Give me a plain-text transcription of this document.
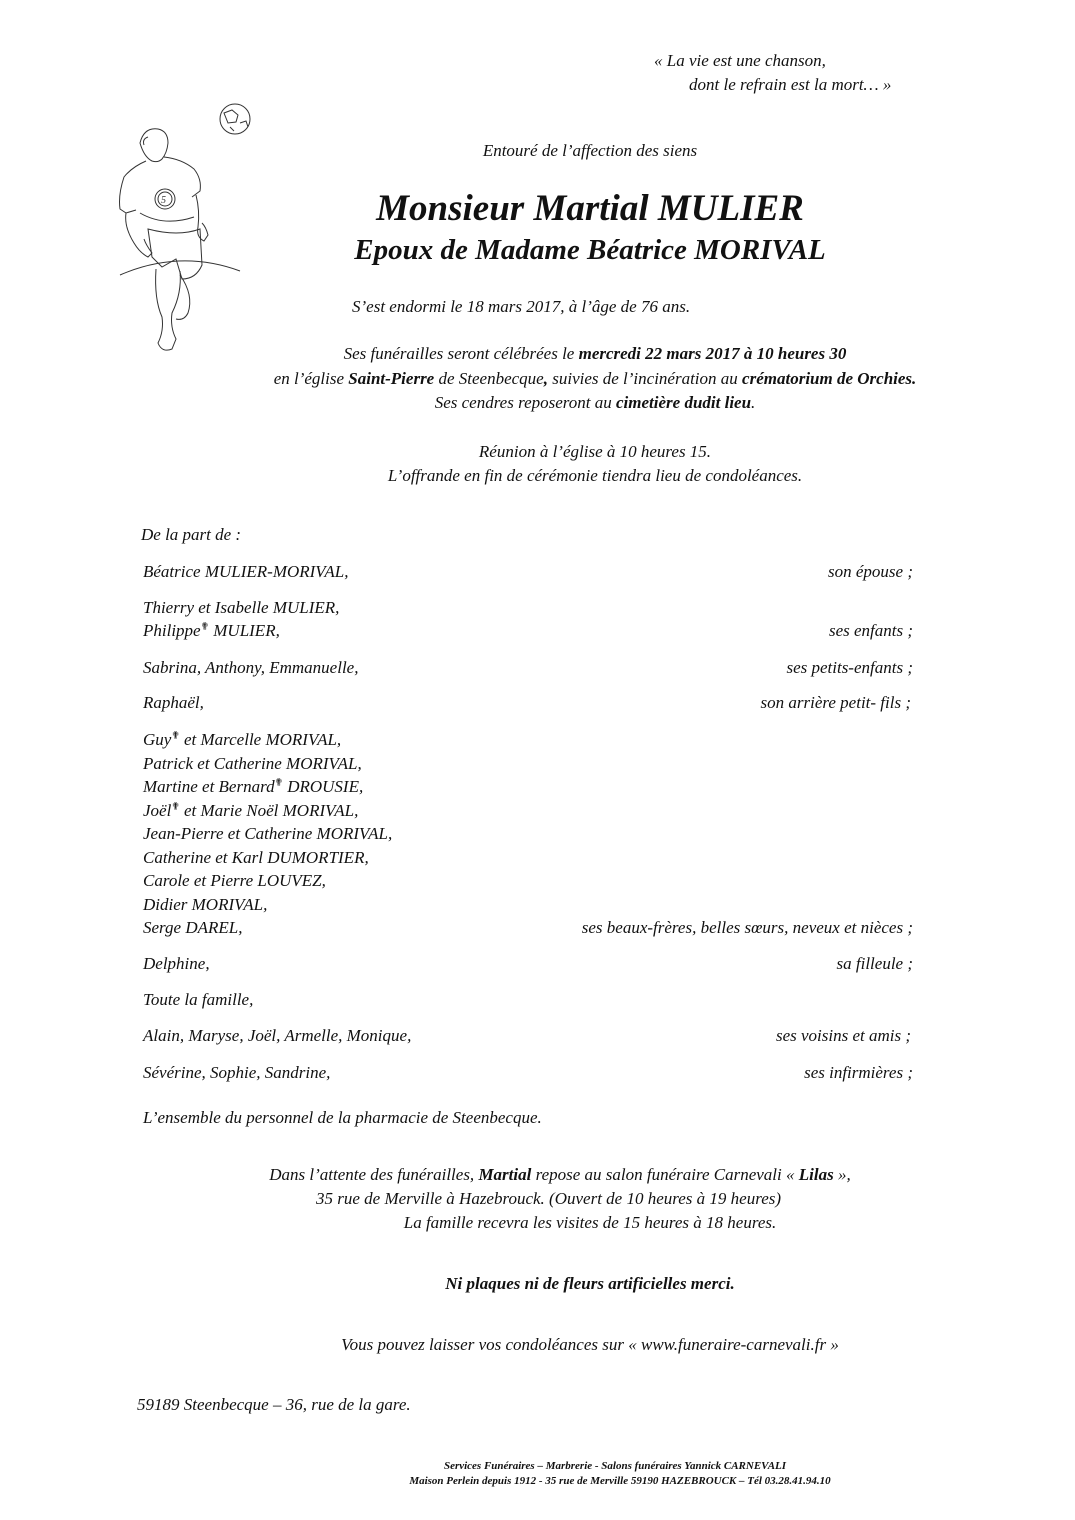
« La vie est une chanson,
dont le refrain est la mort… »
5
Entouré de l’affection des siens
Monsieur Martial MULIER
Epoux de Madame Béatrice MORIVAL
S’est endormi le 18 mars 2017, à l’âge de 76 ans.
Ses funérailles seront célébrées le mercredi 22 mars 2017 à 10 heures 30
en l’église Saint-Pierre de Steenbecque, suivies de l’incinération au crématorium de Orchies.
Ses cendres reposeront au cimetière dudit lieu.
Réunion à l’église à 10 heures 15.
L’offrande en fin de cérémonie tiendra lieu de condoléances.
De la part de :
Béatrice MULIER-MORIVAL,	son épouse ;
Thierry et Isabelle MULIER,
Philippe✟ MULIER,	ses enfants ;
Sabrina, Anthony, Emmanuelle,	ses petits-enfants ;
Raphaël,	son arrière petit- fils ;
Guy✟ et Marcelle MORIVAL,
Patrick et Catherine MORIVAL,
Martine et Bernard✟ DROUSIE,
Joël✟ et Marie Noël MORIVAL,
Jean-Pierre et Catherine MORIVAL,
Catherine et Karl DUMORTIER,
Carole et Pierre LOUVEZ,
Didier MORIVAL,
Serge DAREL,	ses beaux-frères, belles sœurs, neveux et nièces ;
Delphine,	sa filleule ;
Toute la famille,
Alain, Maryse, Joël, Armelle, Monique,	ses voisins et amis ;
Sévérine, Sophie, Sandrine,	ses infirmières ;
L’ensemble du personnel de la pharmacie de Steenbecque.
Dans l’attente des funérailles, Martial repose au salon funéraire Carnevali « Lilas »,
35 rue de Merville à Hazebrouck. (Ouvert de 10 heures à 19 heures)
La famille recevra les visites de 15 heures à 18 heures.
Ni plaques ni de fleurs artificielles merci.
Vous pouvez laisser vos condoléances sur « www.funeraire-carnevali.fr »
59189 Steenbecque – 36, rue de la gare.
Services Funéraires – Marbrerie - Salons funéraires Yannick CARNEVALI
Maison Perlein depuis 1912 - 35 rue de Merville 59190 HAZEBROUCK – Tél 03.28.41.94.10
